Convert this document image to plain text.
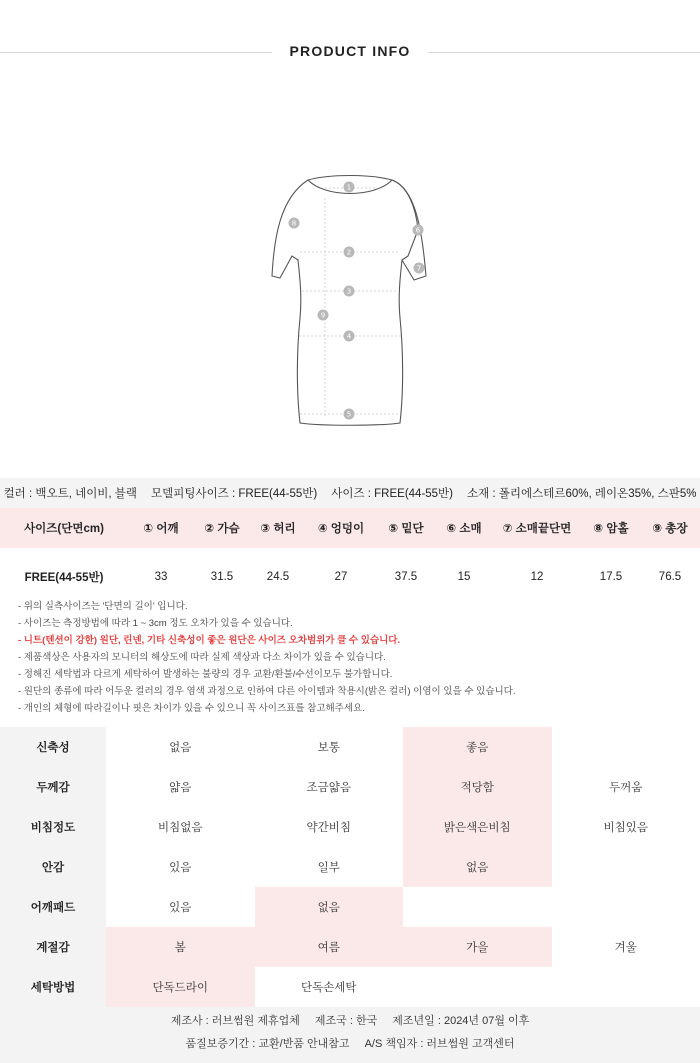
PRODUCT INFO
1
2
3
4
5
6
7
8
9
컬러 : 백오트, 네이비, 블랙 모델피팅사이즈 : FREE(44-55반) 사이즈 : FREE(44-55반) 소재 : 폴리에스테르60%, 레이온35%, 스판5%
사이즈(단면cm)	① 어깨	② 가슴	③ 허리	④ 엉덩이	⑤ 밑단	⑥ 소매	⑦ 소매끝단면	⑧ 암홀	⑨ 총장
FREE(44-55반)	33	31.5	24.5	27	37.5	15	12	17.5	76.5
- 위의 실측사이즈는 '단면의 길이' 입니다.
- 사이즈는 측정방법에 따라 1 ~ 3cm 정도 오차가 있을 수 있습니다.
- 니트(텐션이 강한) 원단, 린넨, 기타 신축성이 좋은 원단은 사이즈 오차범위가 클 수 있습니다.
- 제품색상은 사용자의 모니터의 해상도에 따라 실제 색상과 다소 차이가 있을 수 있습니다.
- 정해진 세탁법과 다르게 세탁하여 발생하는 불량의 경우 교환/환불/수선이모두 불가합니다.
- 원단의 종류에 따라 어두운 컬러의 경우 염색 과정으로 인하여 다른 아이템과 착용시(밝은 컬러) 이염이 있을 수 있습니다.
- 개인의 체형에 따라길이나 핏은 차이가 있을 수 있으니 꼭 사이즈표를 참고해주세요.
신축성	없음	보통	좋음	
두께감	얇음	조금얇음	적당함	두꺼움
비침정도	비침없음	약간비침	밝은색은비침	비침있음
안감	있음	일부	없음	
어깨패드	있음	없음		
계절감	봄	여름	가을	겨울
세탁방법	단독드라이	단독손세탁		
제조사 : 러브썸원 제휴업체 제조국 : 한국 제조년일 : 2024년 07월 이후
품질보증기간 : 교환/반품 안내참고 A/S 책임자 : 러브썸원 고객센터
